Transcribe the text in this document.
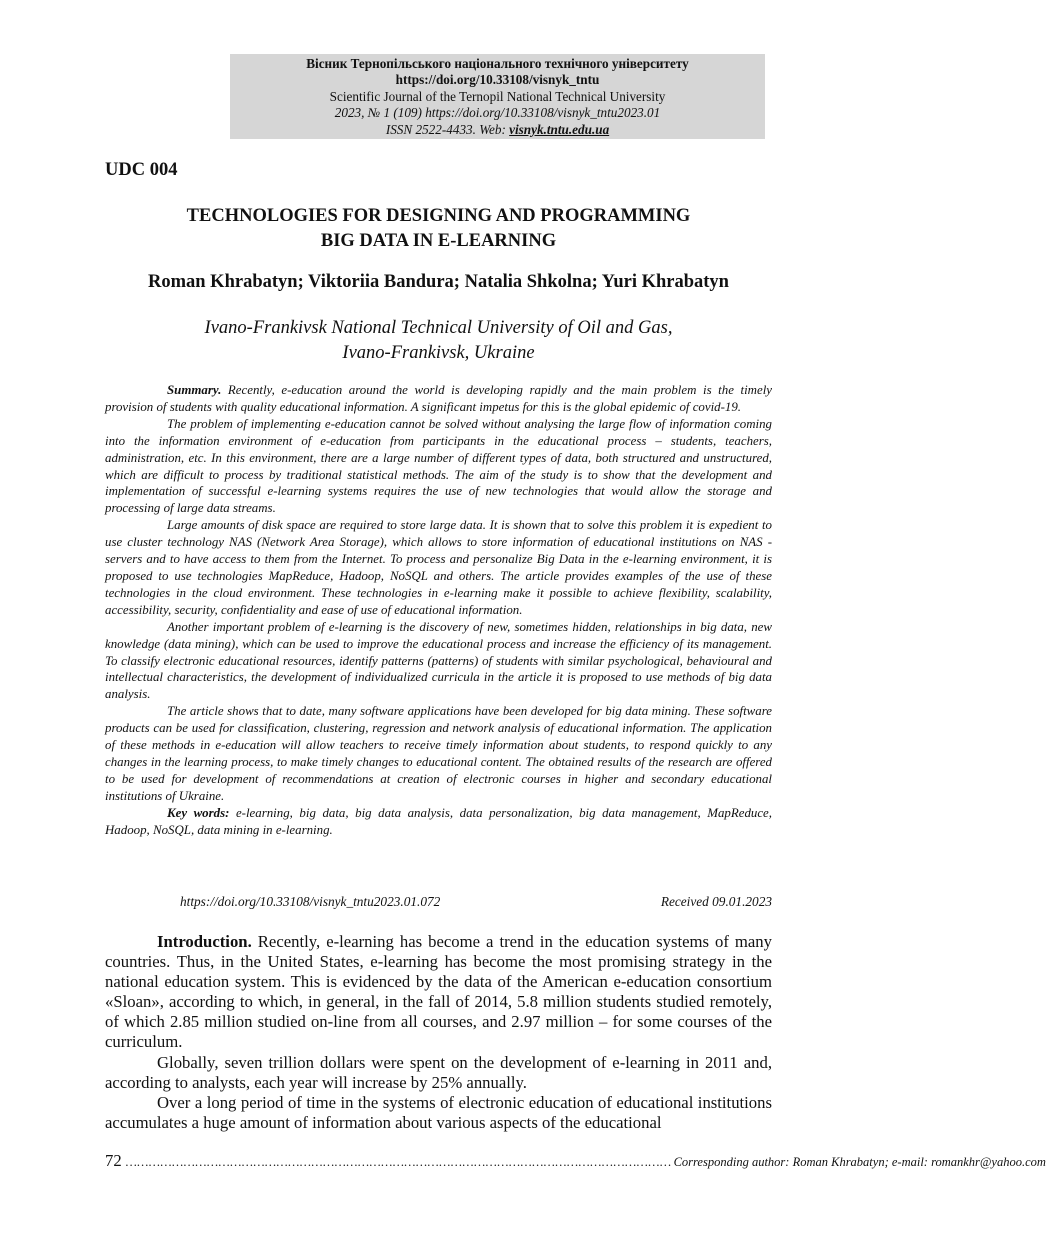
Вісник Тернопільського національного технічного університету
https://doi.org/10.33108/visnyk_tntu
Scientific Journal of the Ternopil National Technical University
2023, № 1 (109) https://doi.org/10.33108/visnyk_tntu2023.01
ISSN 2522-4433. Web: visnyk.tntu.edu.ua
UDC 004
TECHNOLOGIES FOR DESIGNING AND PROGRAMMING
BIG DATA IN E-LEARNING
Roman Khrabatyn; Viktoriia Bandura; Natalia Shkolna; Yuri Khrabatyn
Ivano-Frankivsk National Technical University of Oil and Gas,
Ivano-Frankivsk, Ukraine

Summary. Recently, e-education around the world is developing rapidly and the main problem is the timely provision of students with quality educational information. A significant impetus for this is the global epidemic of covid-19.

The problem of implementing e-education cannot be solved without analysing the large flow of information coming into the information environment of e-education from participants in the educational process – students, teachers, administration, etc. In this environment, there are a large number of different types of data, both structured and unstructured, which are difficult to process by traditional statistical methods. The aim of the study is to show that the development and implementation of successful e-learning systems requires the use of new technologies that would allow the storage and processing of large data streams.

Large amounts of disk space are required to store large data. It is shown that to solve this problem it is expedient to use cluster technology NAS (Network Area Storage), which allows to store information of educational institutions on NAS - servers and to have access to them from the Internet. To process and personalize Big Data in the e-learning environment, it is proposed to use technologies MapReduce, Hadoop, NoSQL and others. The article provides examples of the use of these technologies in the cloud environment. These technologies in e-learning make it possible to achieve flexibility, scalability, accessibility, security, confidentiality and ease of use of educational information.

Another important problem of e-learning is the discovery of new, sometimes hidden, relationships in big data, new knowledge (data mining), which can be used to improve the educational process and increase the efficiency of its management. To classify electronic educational resources, identify patterns (patterns) of students with similar psychological, behavioural and intellectual characteristics, the development of individualized curricula in the article it is proposed to use methods of big data analysis.

The article shows that to date, many software applications have been developed for big data mining. These software products can be used for classification, clustering, regression and network analysis of educational information. The application of these methods in e-education will allow teachers to receive timely information about students, to respond quickly to any changes in the learning process, to make timely changes to educational content. The obtained results of the research are offered to be used for development of recommendations at creation of electronic courses in higher and secondary educational institutions of Ukraine.

Key words: e-learning, big data, big data analysis, data personalization, big data management, MapReduce, Hadoop, NoSQL, data mining in e-learning.

https://doi.org/10.33108/visnyk_tntu2023.01.072	Received 09.01.2023

Introduction. Recently, e-learning has become a trend in the education systems of many countries. Thus, in the United States, e-learning has become the most promising strategy in the national education system. This is evidenced by the data of the American e-education consortium «Sloan», according to which, in general, in the fall of 2014, 5.8 million students studied remotely, of which 2.85 million studied on-line from all courses, and 2.97 million – for some courses of the curriculum.

Globally, seven trillion dollars were spent on the development of e-learning in 2011 and, according to analysts, each year will increase by 25% annually.

Over a long period of time in the systems of electronic education of educational institutions accumulates a huge amount of information about various aspects of the educational

72 …………………………………………………………………………………………………………………………… Corresponding author: Roman Khrabatyn; e-mail: romankhr@yahoo.com
